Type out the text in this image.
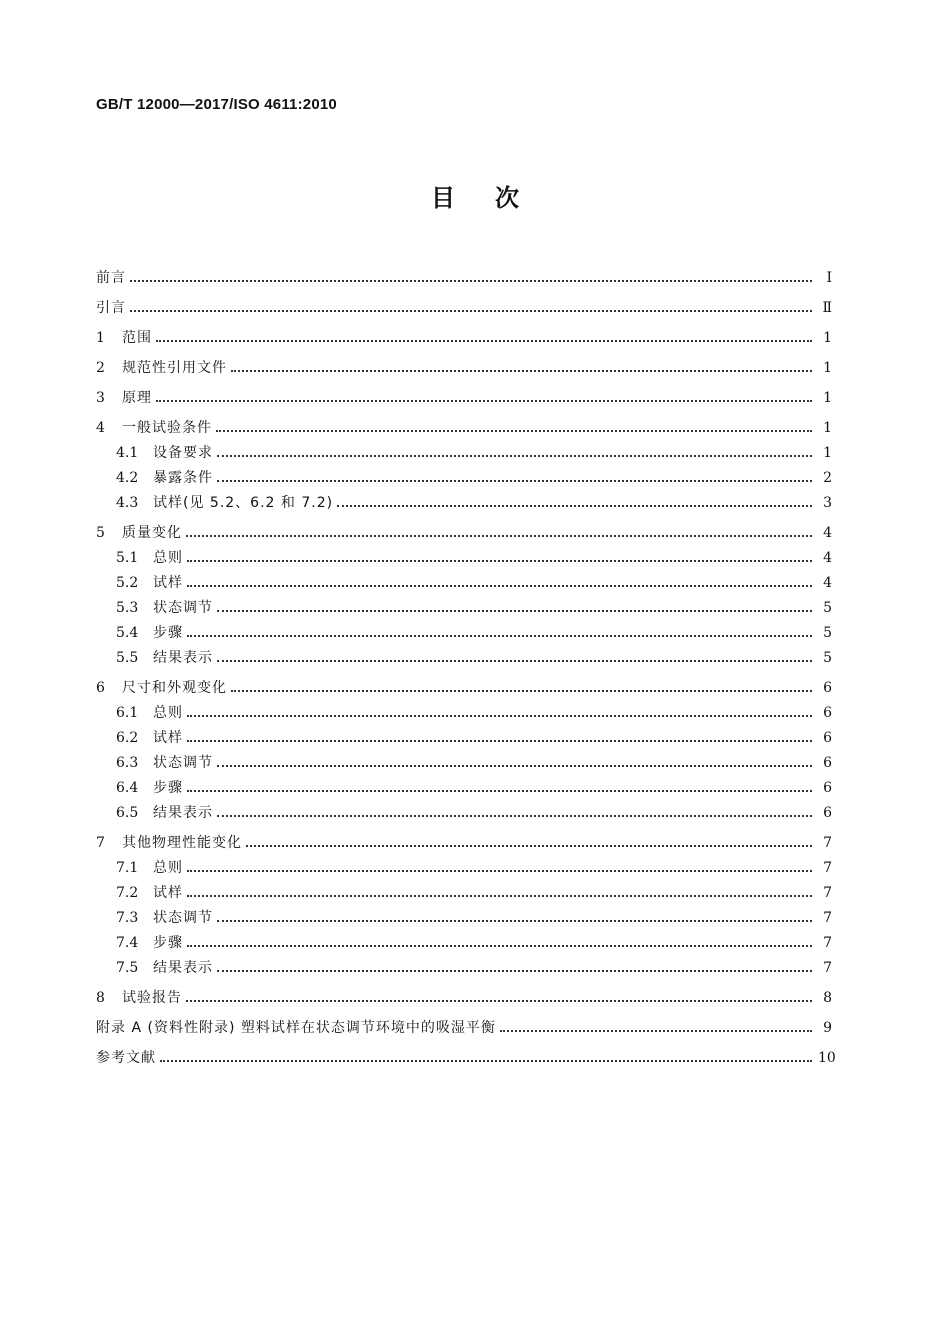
GB/T 12000—2017/ISO 4611:2010
目 次
前言	Ⅰ
引言	Ⅱ
1	范围	1
2	规范性引用文件	1
3	原理	1
4	一般试验条件	1
4.1	设备要求	1
4.2	暴露条件	2
4.3	试样(见 5.2、6.2 和 7.2)	3
5	质量变化	4
5.1	总则	4
5.2	试样	4
5.3	状态调节	5
5.4	步骤	5
5.5	结果表示	5
6	尺寸和外观变化	6
6.1	总则	6
6.2	试样	6
6.3	状态调节	6
6.4	步骤	6
6.5	结果表示	6
7	其他物理性能变化	7
7.1	总则	7
7.2	试样	7
7.3	状态调节	7
7.4	步骤	7
7.5	结果表示	7
8	试验报告	8
附录 A (资料性附录) 塑料试样在状态调节环境中的吸湿平衡	9
参考文献	10
